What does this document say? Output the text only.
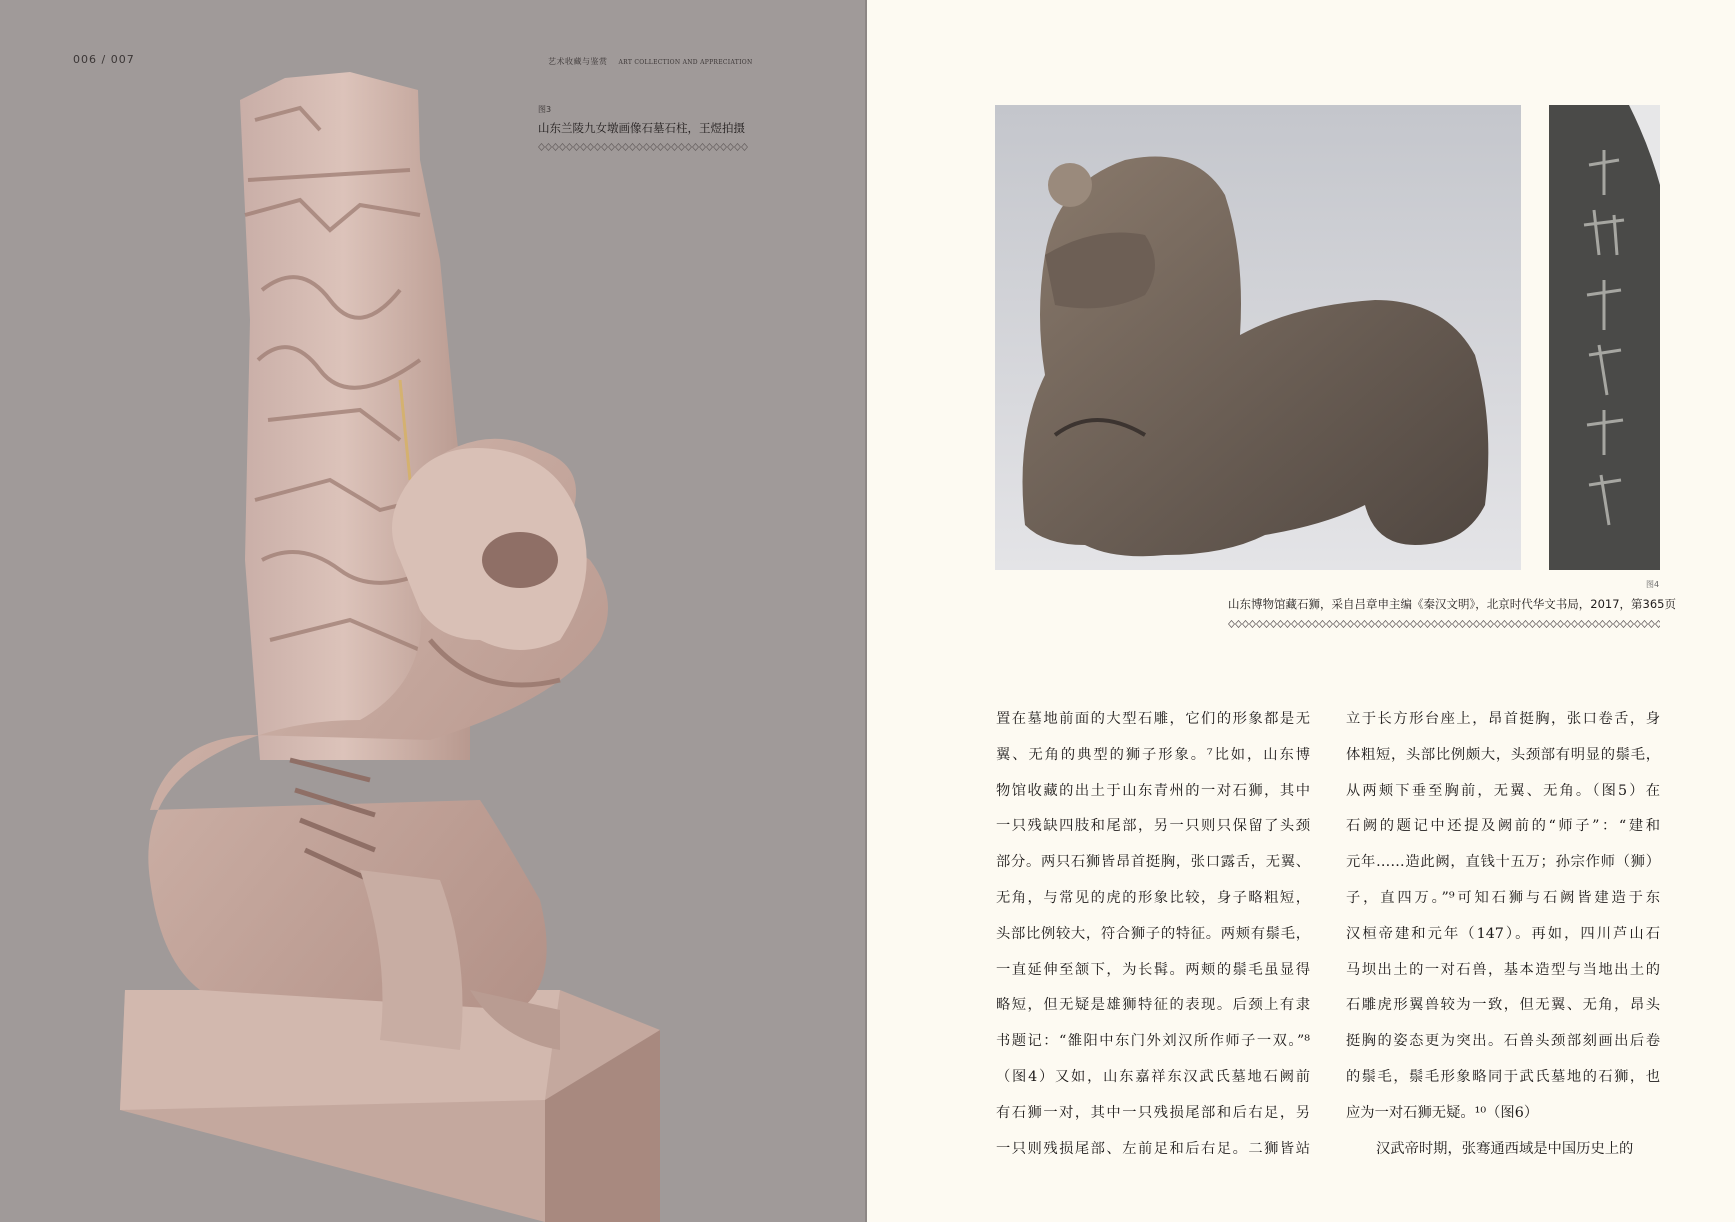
006 / 007	艺术收藏与鉴赏 ART COLLECTION AND APPRECIATION
图3
山东兰陵九女墩画像石墓石柱，王煜拍摄
图4
山东博物馆藏石狮，采自吕章申主编《秦汉文明》，北京时代华文书局，2017，第365页
置在墓地前面的大型石雕，它们的形象都是无
翼、无角的典型的狮子形象。⁷比如，山东博
物馆收藏的出土于山东青州的一对石狮，其中
一只残缺四肢和尾部，另一只则只保留了头颈
部分。两只石狮皆昂首挺胸，张口露舌，无翼、
无角，与常见的虎的形象比较，身子略粗短，
头部比例较大，符合狮子的特征。两颊有鬃毛，
一直延伸至颔下，为长髯。两颊的鬃毛虽显得
略短，但无疑是雄狮特征的表现。后颈上有隶
书题记：“雒阳中东门外刘汉所作师子一双。”⁸
（图4）又如，山东嘉祥东汉武氏墓地石阙前
有石狮一对，其中一只残损尾部和后右足，另
一只则残损尾部、左前足和后右足。二狮皆站
立于长方形台座上，昂首挺胸，张口卷舌，身
体粗短，头部比例颇大，头颈部有明显的鬃毛，
从两颊下垂至胸前，无翼、无角。（图5）在
石阙的题记中还提及阙前的“师子”：“建和
元年……造此阙，直钱十五万；孙宗作师（狮）
子，直四万。”⁹可知石狮与石阙皆建造于东
汉桓帝建和元年（147）。再如，四川芦山石
马坝出土的一对石兽，基本造型与当地出土的
石雕虎形翼兽较为一致，但无翼、无角，昂头
挺胸的姿态更为突出。石兽头颈部刻画出后卷
的鬃毛，鬃毛形象略同于武氏墓地的石狮，也
应为一对石狮无疑。¹⁰（图6）
汉武帝时期，张骞通西域是中国历史上的
